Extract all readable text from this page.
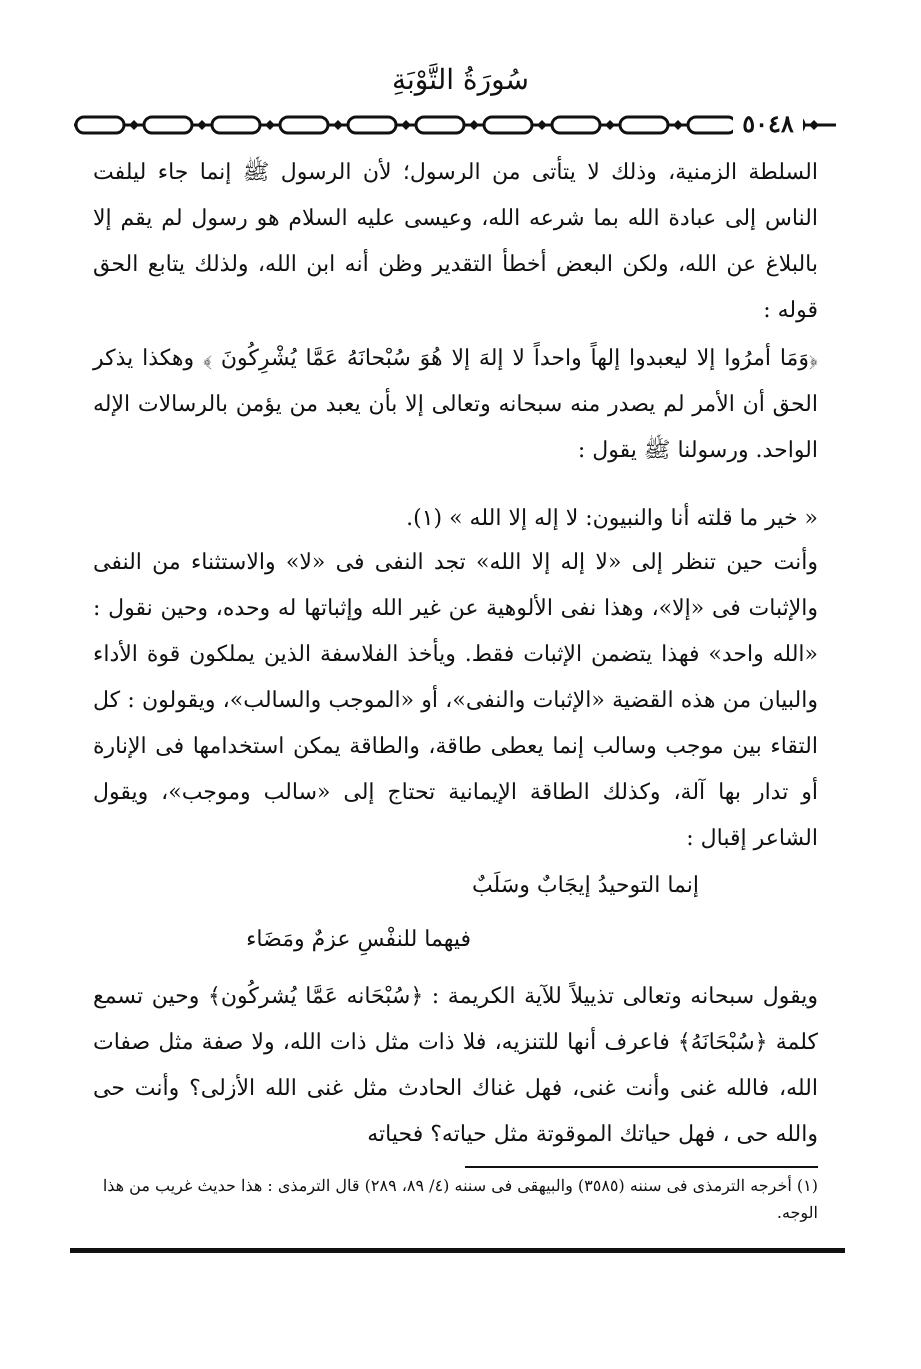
سُورَةُ التَّوْبَةِ
٥٠٤٨

السلطة الزمنية، وذلك لا يتأتى من الرسول؛ لأن الرسول ﷺ إنما جاء ليلفت الناس إلى عبادة الله بما شرعه الله، وعيسى عليه السلام هو رسول لم يقم إلا بالبلاغ عن الله، ولكن البعض أخطأ التقدير وظن أنه ابن الله، ولذلك يتابع الحق قوله :

﴿وَمَا أمرُوا إلا ليعبدوا إلهاً واحداً لا إلهَ إلا هُوَ سُبْحانَهُ عَمَّا يُشْرِكُونَ ﴾ وهكذا يذكر الحق أن الأمر لم يصدر منه سبحانه وتعالى إلا بأن يعبد من يؤمن بالرسالات الإله الواحد. ورسولنا ﷺ يقول :

« خير ما قلته أنا والنبيون: لا إله إلا الله » (١).

وأنت حين تنظر إلى «لا إله إلا الله» تجد النفى فى «لا» والاستثناء من النفى والإثبات فى «إلا»، وهذا نفى الألوهية عن غير الله وإثباتها له وحده، وحين نقول : «الله واحد» فهذا يتضمن الإثبات فقط. ويأخذ الفلاسفة الذين يملكون قوة الأداء والبيان من هذه القضية «الإثبات والنفى»، أو «الموجب والسالب»، ويقولون : كل التقاء بين موجب وسالب إنما يعطى طاقة، والطاقة يمكن استخدامها فى الإنارة أو تدار بها آلة، وكذلك الطاقة الإيمانية تحتاج إلى «سالب وموجب»، ويقول الشاعر إقبال :

إنما التوحيدُ إيجَابٌ وسَلَبٌ
فيهما للنفْسِ عزمٌ ومَضَاء

ويقول سبحانه وتعالى تذييلاً للآية الكريمة : ﴿سُبْحَانه عَمَّا يُشركُون﴾ وحين تسمع كلمة ﴿سُبْحَانَهُ﴾ فاعرف أنها للتنزيه، فلا ذات مثل ذات الله، ولا صفة مثل صفات الله، فالله غنى وأنت غنى، فهل غناك الحادث مثل غنى الله الأزلى؟ وأنت حى والله حى ، فهل حياتك الموقوتة مثل حياته؟ فحياته

(١) أخرجه الترمذى فى سننه (٣٥٨٥) والبيهقى فى سننه (٤/ ٨٩، ٢٨٩) قال الترمذى : هذا حديث غريب من هذا الوجه.
